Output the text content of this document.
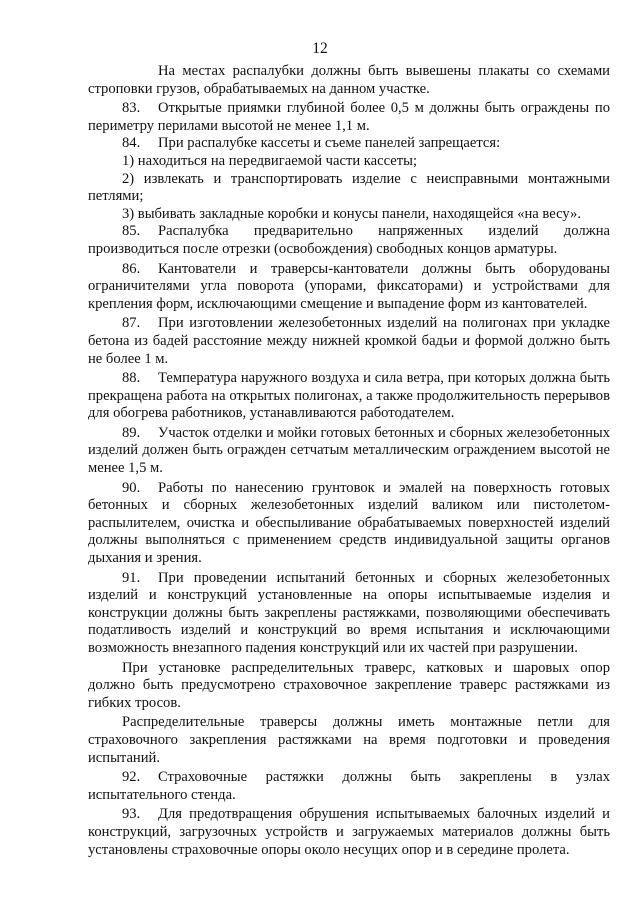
12

На местах распалубки должны быть вывешены плакаты со схемами строповки грузов, обрабатываемых на данном участке.

83. Открытые приямки глубиной более 0,5 м должны быть ограждены по периметру перилами высотой не менее 1,1 м.

84. При распалубке кассеты и съеме панелей запрещается:

1) находиться на передвигаемой части кассеты;

2) извлекать и транспортировать изделие с неисправными монтажными петлями;

3) выбивать закладные коробки и конусы панели, находящейся «на весу».

85. Распалубка предварительно напряженных изделий должна производиться после отрезки (освобождения) свободных концов арматуры.

86. Кантователи и траверсы-кантователи должны быть оборудованы ограничителями угла поворота (упорами, фиксаторами) и устройствами для крепления форм, исключающими смещение и выпадение форм из кантователей.

87. При изготовлении железобетонных изделий на полигонах при укладке бетона из бадей расстояние между нижней кромкой бадьи и формой должно быть не более 1 м.

88. Температура наружного воздуха и сила ветра, при которых должна быть прекращена работа на открытых полигонах, а также продолжительность перерывов для обогрева работников, устанавливаются работодателем.

89. Участок отделки и мойки готовых бетонных и сборных железобетонных изделий должен быть огражден сетчатым металлическим ограждением высотой не менее 1,5 м.

90. Работы по нанесению грунтовок и эмалей на поверхность готовых бетонных и сборных железобетонных изделий валиком или пистолетом-распылителем, очистка и обеспыливание обрабатываемых поверхностей изделий должны выполняться с применением средств индивидуальной защиты органов дыхания и зрения.

91. При проведении испытаний бетонных и сборных железобетонных изделий и конструкций установленные на опоры испытываемые изделия и конструкции должны быть закреплены растяжками, позволяющими обеспечивать податливость изделий и конструкций во время испытания и исключающими возможность внезапного падения конструкций или их частей при разрушении.

При установке распределительных траверс, катковых и шаровых опор должно быть предусмотрено страховочное закрепление траверс растяжками из гибких тросов.

Распределительные траверсы должны иметь монтажные петли для страховочного закрепления растяжками на время подготовки и проведения испытаний.

92. Страховочные растяжки должны быть закреплены в узлах испытательного стенда.

93. Для предотвращения обрушения испытываемых балочных изделий и конструкций, загрузочных устройств и загружаемых материалов должны быть установлены страховочные опоры около несущих опор и в середине пролета.
